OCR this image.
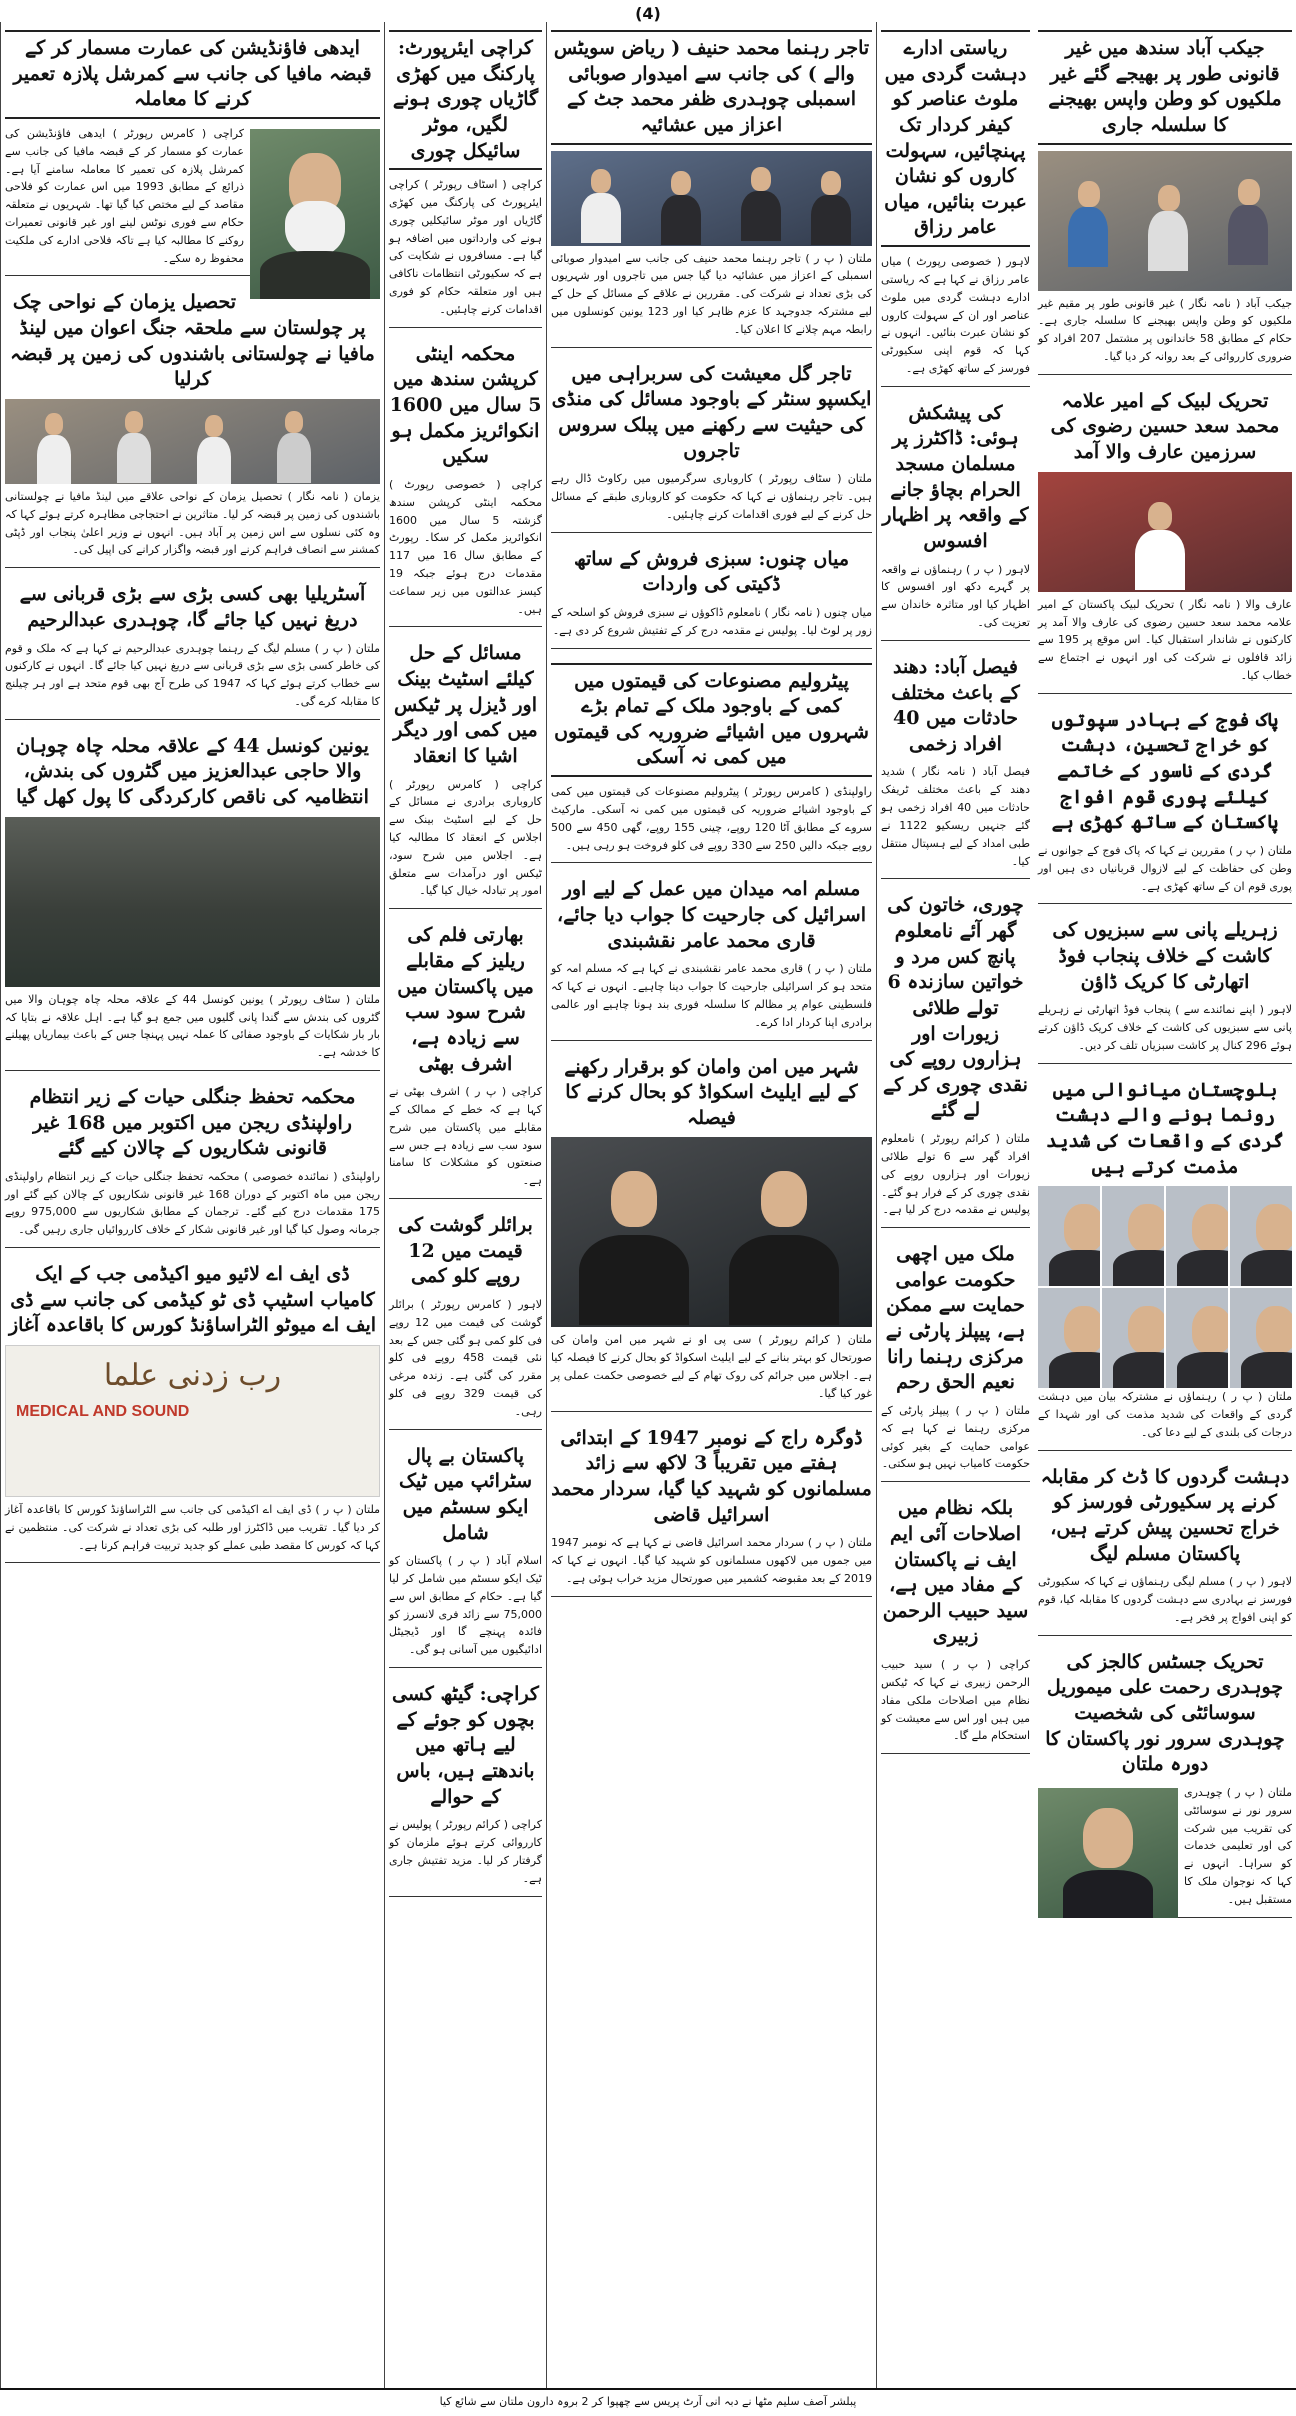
(4)
جیکب آباد سندھ میں غیر قانونی طور پر بھیجے گئے غیر ملکیوں کو وطن واپس بھیجنے کا سلسلہ جاری

جیکب آباد ( نامہ نگار ) غیر قانونی طور پر مقیم غیر ملکیوں کو وطن واپس بھیجنے کا سلسلہ جاری ہے۔ حکام کے مطابق 58 خاندانوں پر مشتمل 207 افراد کو ضروری کارروائی کے بعد روانہ کر دیا گیا۔

تحریک لبیک کے امیر علامہ محمد سعد حسین رضوی کی سرزمین عارف والا آمد

عارف والا ( نامہ نگار ) تحریک لبیک پاکستان کے امیر علامہ محمد سعد حسین رضوی کی عارف والا آمد پر کارکنوں نے شاندار استقبال کیا۔ اس موقع پر 195 سے زائد قافلوں نے شرکت کی اور انہوں نے اجتماع سے خطاب کیا۔

پاک فوج کے بہادر سپوتوں کو خراج تحسین، دہشت گردی کے ناسور کے خاتمے کیلئے پوری قوم افواج پاکستان کے ساتھ کھڑی ہے

ملتان ( پ ر ) مقررین نے کہا کہ پاک فوج کے جوانوں نے وطن کی حفاظت کے لیے لازوال قربانیاں دی ہیں اور پوری قوم ان کے ساتھ کھڑی ہے۔

زہریلے پانی سے سبزیوں کی کاشت کے خلاف پنجاب فوڈ اتھارٹی کا کریک ڈاؤن

لاہور ( اپنے نمائندے سے ) پنجاب فوڈ اتھارٹی نے زہریلے پانی سے سبزیوں کی کاشت کے خلاف کریک ڈاؤن کرتے ہوئے 296 کنال پر کاشت سبزیاں تلف کر دیں۔

بلوچستان میانوالی میں رونما ہونے والے دہشت گردی کے واقعات کی شدید مذمت کرتے ہیں

ملتان ( پ ر ) رہنماؤں نے مشترکہ بیان میں دہشت گردی کے واقعات کی شدید مذمت کی اور شہدا کے درجات کی بلندی کے لیے دعا کی۔

دہشت گردوں کا ڈٹ کر مقابلہ کرنے پر سکیورٹی فورسز کو خراج تحسین پیش کرتے ہیں، پاکستان مسلم لیگ

لاہور ( پ ر ) مسلم لیگی رہنماؤں نے کہا کہ سکیورٹی فورسز نے بہادری سے دہشت گردوں کا مقابلہ کیا، قوم کو اپنی افواج پر فخر ہے۔

تحریک جسٹس کالجز کی چوہدری رحمت علی میموریل سوسائٹی کی شخصیت چوہدری سرور نور پاکستان کا دورہ ملتان

ملتان ( پ ر ) چوہدری سرور نور نے سوسائٹی کی تقریب میں شرکت کی اور تعلیمی خدمات کو سراہا۔ انہوں نے کہا کہ نوجوان ملک کا مستقبل ہیں۔

ریاستی ادارے دہشت گردی میں ملوث عناصر کو کیفر کردار تک پہنچائیں، سہولت کاروں کو نشان عبرت بنائیں، میاں عامر رزاق

لاہور ( خصوصی رپورٹ ) میاں عامر رزاق نے کہا ہے کہ ریاستی ادارے دہشت گردی میں ملوث عناصر اور ان کے سہولت کاروں کو نشان عبرت بنائیں۔ انہوں نے کہا کہ قوم اپنی سکیورٹی فورسز کے ساتھ کھڑی ہے۔

کی پیشکش ہوئی: ڈاکٹرز پر مسلمان مسجد الحرام بچاؤ جانے کے واقعہ پر اظہار افسوس

لاہور ( پ ر ) رہنماؤں نے واقعہ پر گہرے دکھ اور افسوس کا اظہار کیا اور متاثرہ خاندان سے تعزیت کی۔

فیصل آباد: دھند کے باعث مختلف حادثات میں 40 افراد زخمی

فیصل آباد ( نامہ نگار ) شدید دھند کے باعث مختلف ٹریفک حادثات میں 40 افراد زخمی ہو گئے جنہیں ریسکیو 1122 نے طبی امداد کے لیے ہسپتال منتقل کیا۔

چوری، خاتون کی گھر آئے نامعلوم پانچ کس مرد و خواتین سازندہ 6 تولے طلائی زیورات اور ہزاروں روپے کی نقدی چوری کر کے لے گئے

ملتان ( کرائم رپورٹر ) نامعلوم افراد گھر سے 6 تولے طلائی زیورات اور ہزاروں روپے کی نقدی چوری کر کے فرار ہو گئے۔ پولیس نے مقدمہ درج کر لیا ہے۔

ملک میں اچھی حکومت عوامی حمایت سے ممکن ہے، پیپلز پارٹی نے مرکزی رہنما رانا نعیم الحق رحم

ملتان ( پ ر ) پیپلز پارٹی کے مرکزی رہنما نے کہا ہے کہ عوامی حمایت کے بغیر کوئی حکومت کامیاب نہیں ہو سکتی۔

بلکہ نظام میں اصلاحات آئی ایم ایف نے پاکستان کے مفاد میں ہے، سید حبیب الرحمن زبیری

کراچی ( پ ر ) سید حبیب الرحمن زبیری نے کہا کہ ٹیکس نظام میں اصلاحات ملکی مفاد میں ہیں اور اس سے معیشت کو استحکام ملے گا۔

تاجر رہنما محمد حنیف ( ریاض سویٹس والے ) کی جانب سے امیدوار صوبائی اسمبلی چوہدری ظفر محمد جٹ کے اعزاز میں عشائیہ

ملتان ( پ ر ) تاجر رہنما محمد حنیف کی جانب سے امیدوار صوبائی اسمبلی کے اعزاز میں عشائیہ دیا گیا جس میں تاجروں اور شہریوں کی بڑی تعداد نے شرکت کی۔ مقررین نے علاقے کے مسائل کے حل کے لیے مشترکہ جدوجہد کا عزم ظاہر کیا اور 123 یونین کونسلوں میں رابطہ مہم چلانے کا اعلان کیا۔

تاجر گل معیشت کی سربراہی میں ایکسپو سنٹر کے باوجود مسائل کی منڈی کی حیثیت سے رکھنے میں پبلک سروس تاجروں

ملتان ( سٹاف رپورٹر ) کاروباری سرگرمیوں میں رکاوٹ ڈال رہے ہیں۔ تاجر رہنماؤں نے کہا کہ حکومت کو کاروباری طبقے کے مسائل حل کرنے کے لیے فوری اقدامات کرنے چاہئیں۔

میاں چنوں: سبزی فروش کے ساتھ ڈکیتی کی واردات

میاں چنوں ( نامہ نگار ) نامعلوم ڈاکوؤں نے سبزی فروش کو اسلحہ کے زور پر لوٹ لیا۔ پولیس نے مقدمہ درج کر کے تفتیش شروع کر دی ہے۔

پیٹرولیم مصنوعات کی قیمتوں میں کمی کے باوجود ملک کے تمام بڑے شہروں میں اشیائے ضروریہ کی قیمتوں میں کمی نہ آسکی

راولپنڈی ( کامرس رپورٹر ) پیٹرولیم مصنوعات کی قیمتوں میں کمی کے باوجود اشیائے ضروریہ کی قیمتوں میں کمی نہ آسکی۔ مارکیٹ سروے کے مطابق آٹا 120 روپے، چینی 155 روپے، گھی 450 سے 500 روپے جبکہ دالیں 250 سے 330 روپے فی کلو فروخت ہو رہی ہیں۔

مسلم امہ میدان میں عمل کے لیے اور اسرائیل کی جارحیت کا جواب دیا جائے، قاری محمد عامر نقشبندی

ملتان ( پ ر ) قاری محمد عامر نقشبندی نے کہا ہے کہ مسلم امہ کو متحد ہو کر اسرائیلی جارحیت کا جواب دینا چاہیے۔ انہوں نے کہا کہ فلسطینی عوام پر مظالم کا سلسلہ فوری بند ہونا چاہیے اور عالمی برادری اپنا کردار ادا کرے۔

شہر میں امن وامان کو برقرار رکھنے کے لیے ایلیٹ اسکواڈ کو بحال کرنے کا فیصلہ

ملتان ( کرائم رپورٹر ) سی پی او نے شہر میں امن وامان کی صورتحال کو بہتر بنانے کے لیے ایلیٹ اسکواڈ کو بحال کرنے کا فیصلہ کیا ہے۔ اجلاس میں جرائم کی روک تھام کے لیے خصوصی حکمت عملی پر غور کیا گیا۔

ڈوگرہ راج کے نومبر 1947 کے ابتدائی ہفتے میں تقریباً 3 لاکھ سے زائد مسلمانوں کو شہید کیا گیا، سردار محمد اسرائیل قاضی

ملتان ( پ ر ) سردار محمد اسرائیل قاضی نے کہا ہے کہ نومبر 1947 میں جموں میں لاکھوں مسلمانوں کو شہید کیا گیا۔ انہوں نے کہا کہ 2019 کے بعد مقبوضہ کشمیر میں صورتحال مزید خراب ہوئی ہے۔

کراچی ایئرپورٹ: پارکنگ میں کھڑی گاڑیاں چوری ہونے لگیں، موٹر سائیکل چوری

کراچی ( اسٹاف رپورٹر ) کراچی ایئرپورٹ کی پارکنگ میں کھڑی گاڑیاں اور موٹر سائیکلیں چوری ہونے کی وارداتوں میں اضافہ ہو گیا ہے۔ مسافروں نے شکایت کی ہے کہ سکیورٹی انتظامات ناکافی ہیں اور متعلقہ حکام کو فوری اقدامات کرنے چاہئیں۔

محکمہ اینٹی کرپشن سندھ میں 5 سال میں 1600 انکوائریز مکمل ہو سکیں

کراچی ( خصوصی رپورٹ ) محکمہ اینٹی کرپشن سندھ گزشتہ 5 سال میں 1600 انکوائریز مکمل کر سکا۔ رپورٹ کے مطابق سال 16 میں 117 مقدمات درج ہوئے جبکہ 19 کیسز عدالتوں میں زیر سماعت ہیں۔

مسائل کے حل کیلئے اسٹیٹ بینک اور ڈیزل پر ٹیکس میں کمی اور دیگر اشیا کا انعقاد

کراچی ( کامرس رپورٹر ) کاروباری برادری نے مسائل کے حل کے لیے اسٹیٹ بینک سے اجلاس کے انعقاد کا مطالبہ کیا ہے۔ اجلاس میں شرح سود، ٹیکس اور درآمدات سے متعلق امور پر تبادلہ خیال کیا گیا۔

بھارتی فلم کی ریلیز کے مقابلے میں پاکستان میں شرح سود سب سے زیادہ ہے، اشرف بھٹی

کراچی ( پ ر ) اشرف بھٹی نے کہا ہے کہ خطے کے ممالک کے مقابلے میں پاکستان میں شرح سود سب سے زیادہ ہے جس سے صنعتوں کو مشکلات کا سامنا ہے۔

برائلر گوشت کی قیمت میں 12 روپے کلو کمی

لاہور ( کامرس رپورٹر ) برائلر گوشت کی قیمت میں 12 روپے فی کلو کمی ہو گئی جس کے بعد نئی قیمت 458 روپے فی کلو مقرر کی گئی ہے۔ زندہ مرغی کی قیمت 329 روپے فی کلو رہی۔

پاکستان بے پال سٹرائپ میں ٹیک ایکو سسٹم میں شامل

اسلام آباد ( پ ر ) پاکستان کو ٹیک ایکو سسٹم میں شامل کر لیا گیا ہے۔ حکام کے مطابق اس سے 75,000 سے زائد فری لانسرز کو فائدہ پہنچے گا اور ڈیجیٹل ادائیگیوں میں آسانی ہو گی۔

کراچی: گیٹھ کسی بچوں کو جوئے کے لیے ہاتھ میں باندھتے ہیں، باس کے حوالے

کراچی ( کرائم رپورٹر ) پولیس نے کارروائی کرتے ہوئے ملزمان کو گرفتار کر لیا۔ مزید تفتیش جاری ہے۔

ایدھی فاؤنڈیشن کی عمارت مسمار کر کے قبضہ مافیا کی جانب سے کمرشل پلازہ تعمیر کرنے کا معاملہ

کراچی ( کامرس رپورٹر ) ایدھی فاؤنڈیشن کی عمارت کو مسمار کر کے قبضہ مافیا کی جانب سے کمرشل پلازہ کی تعمیر کا معاملہ سامنے آیا ہے۔ ذرائع کے مطابق 1993 میں اس عمارت کو فلاحی مقاصد کے لیے مختص کیا گیا تھا۔ شہریوں نے متعلقہ حکام سے فوری نوٹس لینے اور غیر قانونی تعمیرات روکنے کا مطالبہ کیا ہے تاکہ فلاحی ادارے کی ملکیت محفوظ رہ سکے۔

تحصیل یزمان کے نواحی چک پر چولستان سے ملحقہ جنگ اعوان میں لینڈ مافیا نے چولستانی باشندوں کی زمین پر قبضہ کرلیا

یزمان ( نامہ نگار ) تحصیل یزمان کے نواحی علاقے میں لینڈ مافیا نے چولستانی باشندوں کی زمین پر قبضہ کر لیا۔ متاثرین نے احتجاجی مظاہرہ کرتے ہوئے کہا کہ وہ کئی نسلوں سے اس زمین پر آباد ہیں۔ انہوں نے وزیر اعلیٰ پنجاب اور ڈپٹی کمشنر سے انصاف فراہم کرنے اور قبضہ واگزار کرانے کی اپیل کی۔

آسٹریلیا بھی کسی بڑی سے بڑی قربانی سے دریغ نہیں کیا جائے گا، چوہدری عبدالرحیم

ملتان ( پ ر ) مسلم لیگ کے رہنما چوہدری عبدالرحیم نے کہا ہے کہ ملک و قوم کی خاطر کسی بڑی سے بڑی قربانی سے دریغ نہیں کیا جائے گا۔ انہوں نے کارکنوں سے خطاب کرتے ہوئے کہا کہ 1947 کی طرح آج بھی قوم متحد ہے اور ہر چیلنج کا مقابلہ کرے گی۔

یونین کونسل 44 کے علاقہ محلہ چاہ چوہان والا حاجی عبدالعزیز میں گٹروں کی بندش، انتظامیہ کی ناقص کارکردگی کا پول کھل گیا

ملتان ( سٹاف رپورٹر ) یونین کونسل 44 کے علاقہ محلہ چاہ چوہان والا میں گٹروں کی بندش سے گندا پانی گلیوں میں جمع ہو گیا ہے۔ اہل علاقہ نے بتایا کہ بار بار شکایات کے باوجود صفائی کا عملہ نہیں پہنچا جس کے باعث بیماریاں پھیلنے کا خدشہ ہے۔

محکمہ تحفظ جنگلی حیات کے زیر انتظام راولپنڈی ریجن میں اکتوبر میں 168 غیر قانونی شکاریوں کے چالان کیے گئے

راولپنڈی ( نمائندہ خصوصی ) محکمہ تحفظ جنگلی حیات کے زیر انتظام راولپنڈی ریجن میں ماہ اکتوبر کے دوران 168 غیر قانونی شکاریوں کے چالان کیے گئے اور 175 مقدمات درج کیے گئے۔ ترجمان کے مطابق شکاریوں سے 975,000 روپے جرمانہ وصول کیا گیا اور غیر قانونی شکار کے خلاف کارروائیاں جاری رہیں گی۔

ڈی ایف اے لائیو میو اکیڈمی جب کے ایک کامیاب اسٹیپ ڈی ٹو کیڈمی کی جانب سے ڈی ایف اے میوٹو الٹراساؤنڈ کورس کا باقاعدہ آغاز
رب زدنی علما
MEDICAL AND SOUND

ملتان ( پ ر ) ڈی ایف اے اکیڈمی کی جانب سے الٹراساؤنڈ کورس کا باقاعدہ آغاز کر دیا گیا۔ تقریب میں ڈاکٹرز اور طلبہ کی بڑی تعداد نے شرکت کی۔ منتظمین نے کہا کہ کورس کا مقصد طبی عملے کو جدید تربیت فراہم کرنا ہے۔

پبلشر آصف سلیم مٹھا نے دبہ انی آرٹ پریس سے چھپوا کر 2 بروہ دارون ملتان سے شائع کیا
